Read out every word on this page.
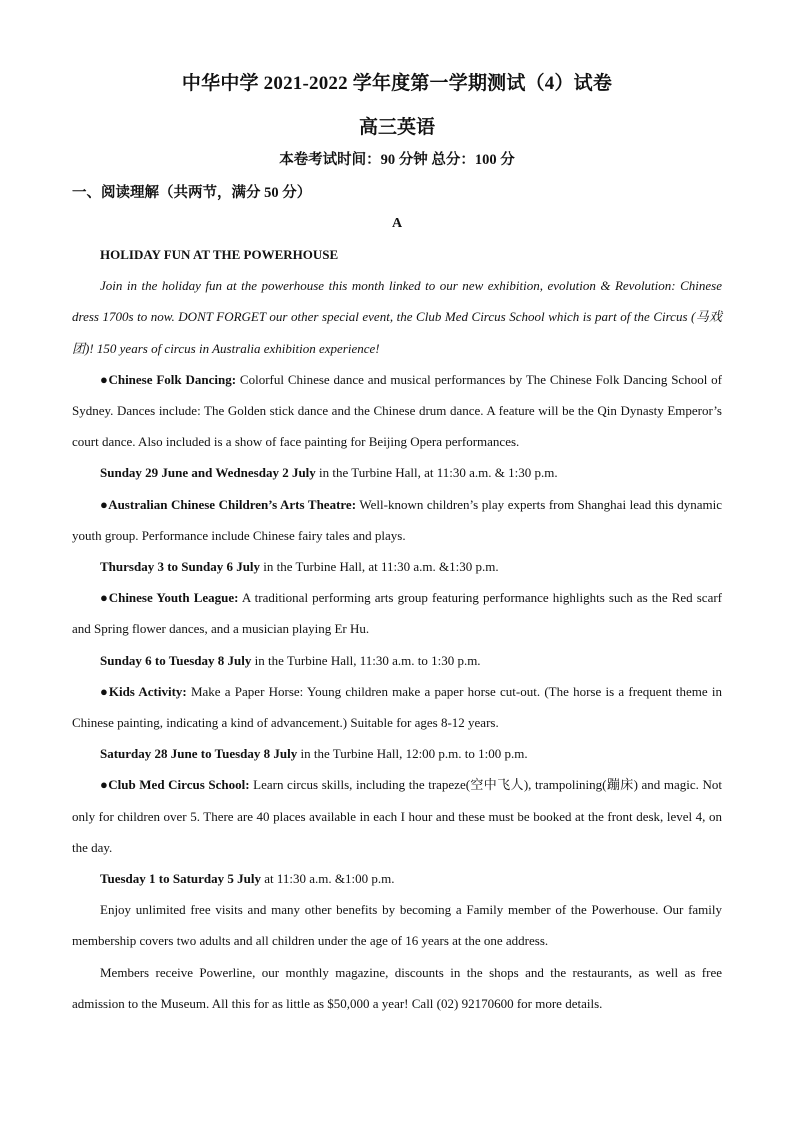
中华中学 2021-2022 学年度第一学期测试（4）试卷
高三英语
本卷考试时间：90 分钟 总分：100 分
一、阅读理解（共两节，满分 50 分）
A

HOLIDAY FUN AT THE POWERHOUSE

Join in the holiday fun at the powerhouse this month linked to our new exhibition, evolution & Revolution: Chinese dress 1700s to now. DONT FORGET our other special event, the Club Med Circus School which is part of the Circus (马戏团)! 150 years of circus in Australia exhibition experience!

●Chinese Folk Dancing: Colorful Chinese dance and musical performances by The Chinese Folk Dancing School of Sydney. Dances include: The Golden stick dance and the Chinese drum dance. A feature will be the Qin Dynasty Emperor’s court dance. Also included is a show of face painting for Beijing Opera performances.

Sunday 29 June and Wednesday 2 July in the Turbine Hall, at 11:30 a.m. & 1:30 p.m.

●Australian Chinese Children’s Arts Theatre: Well-known children’s play experts from Shanghai lead this dynamic youth group. Performance include Chinese fairy tales and plays.

Thursday 3 to Sunday 6 July in the Turbine Hall, at 11:30 a.m. &1:30 p.m.

●Chinese Youth League: A traditional performing arts group featuring performance highlights such as the Red scarf and Spring flower dances, and a musician playing Er Hu.

Sunday 6 to Tuesday 8 July in the Turbine Hall, 11:30 a.m. to 1:30 p.m.

●Kids Activity: Make a Paper Horse: Young children make a paper horse cut-out. (The horse is a frequent theme in Chinese painting, indicating a kind of advancement.) Suitable for ages 8-12 years.

Saturday 28 June to Tuesday 8 July in the Turbine Hall, 12:00 p.m. to 1:00 p.m.

●Club Med Circus School: Learn circus skills, including the trapeze(空中飞人), trampolining(蹦床) and magic. Not only for children over 5. There are 40 places available in each I hour and these must be booked at the front desk, level 4, on the day.

Tuesday 1 to Saturday 5 July at 11:30 a.m. &1:00 p.m.

Enjoy unlimited free visits and many other benefits by becoming a Family member of the Powerhouse. Our family membership covers two adults and all children under the age of 16 years at the one address.

Members receive Powerline, our monthly magazine, discounts in the shops and the restaurants, as well as free admission to the Museum. All this for as little as $50,000 a year! Call (02) 92170600 for more details.
